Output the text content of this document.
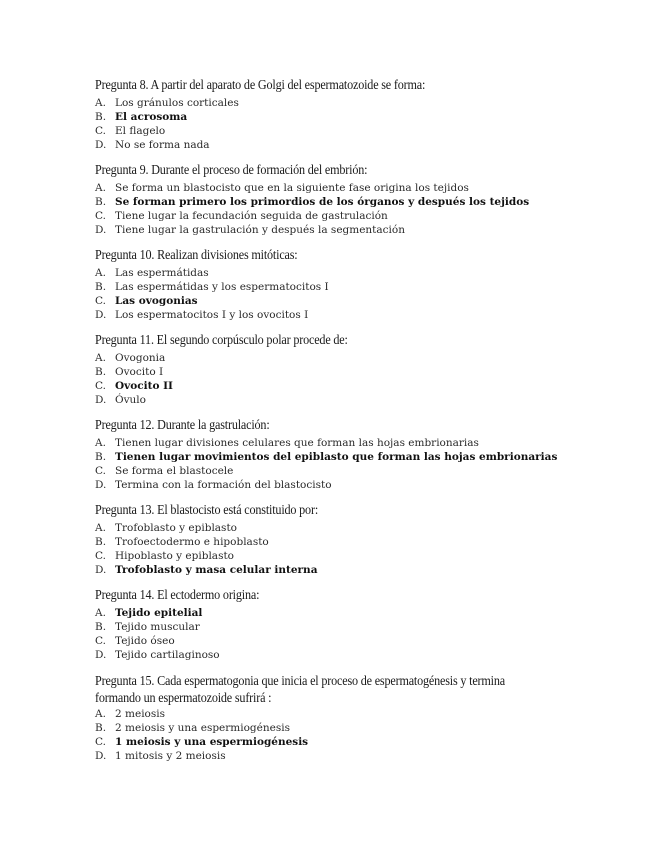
Pregunta 8. A partir del aparato de Golgi del espermatozoide se forma:
A. Los gránulos corticales
B. El acrosoma
C. El flagelo
D. No se forma nada
Pregunta 9. Durante el proceso de formación del embrión:
A. Se forma un blastocisto que en la siguiente fase origina los tejidos
B. Se forman primero los primordios de los órganos y después los tejidos
C. Tiene lugar la fecundación seguida de gastrulación
D. Tiene lugar la gastrulación y después la segmentación
Pregunta 10. Realizan divisiones mitóticas:
A. Las espermátidas
B. Las espermátidas y los espermatocitos I
C. Las ovogonias
D. Los espermatocitos I y los ovocitos I
Pregunta 11. El segundo corpúsculo polar procede de:
A. Ovogonia
B. Ovocito I
C. Ovocito II
D. Óvulo
Pregunta 12. Durante la gastrulación:
A. Tienen lugar divisiones celulares que forman las hojas embrionarias
B. Tienen lugar movimientos del epiblasto que forman las hojas embrionarias
C. Se forma el blastocele
D. Termina con la formación del blastocisto
Pregunta 13. El blastocisto está constituido por:
A. Trofoblasto y epiblasto
B. Trofoectodermo e hipoblasto
C. Hipoblasto y epiblasto
D. Trofoblasto y masa celular interna
Pregunta 14. El ectodermo origina:
A. Tejido epitelial
B. Tejido muscular
C. Tejido óseo
D. Tejido cartilaginoso
Pregunta 15. Cada espermatogonia que inicia el proceso de espermatogénesis y termina formando un espermatozoide sufrirá :
A. 2 meiosis
B. 2 meiosis y una espermiogénesis
C. 1 meiosis y una espermiogénesis
D. 1 mitosis y 2 meiosis
